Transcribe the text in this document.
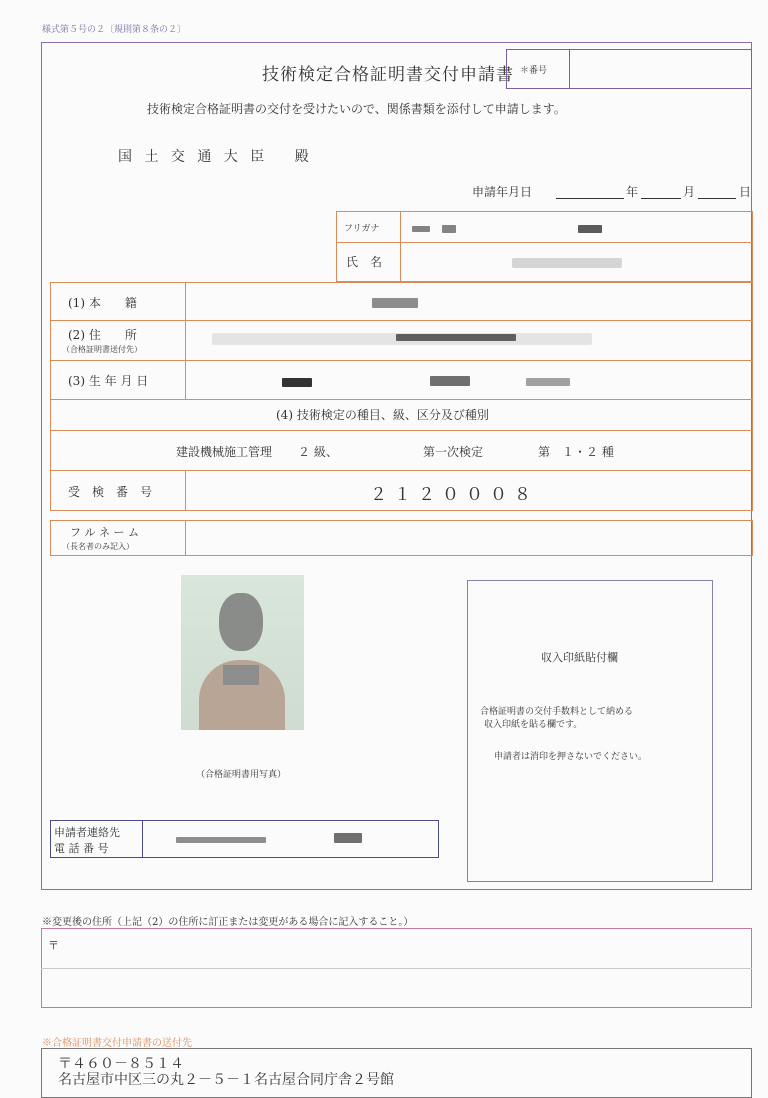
様式第５号の２〔規則第８条の２〕
技術検定合格証明書交付申請書 ＊番号
技術検定合格証明書の交付を受けたいので、関係書類を添付して申請します。
国 土 交 通 大 臣　 殿
申請年月日	年	月	日
フリガナ
氏　名
(1) 本　　籍
(2) 住　　所
（合格証明書送付先）
(3) 生 年 月 日
(4) 技術検定の種目、級、区分及び種別
建設機械施工管理 ２ 級、	第一次検定	第　１・２ 種
受　検　番　号	２１２０００８
フ ル ネ ー ム
（長名者のみ記入）
（合格証明書用写真）
収入印紙貼付欄
合格証明書の交付手数料として納める
収入印紙を貼る欄です。
申請者は消印を押さないでください。
申請者連絡先
電 話 番 号
※変更後の住所（上記（2）の住所に訂正または変更がある場合に記入すること。）
〒
※合格証明書交付申請書の送付先
〒４６０－８５１４
名古屋市中区三の丸２－５－１名古屋合同庁舎２号館
